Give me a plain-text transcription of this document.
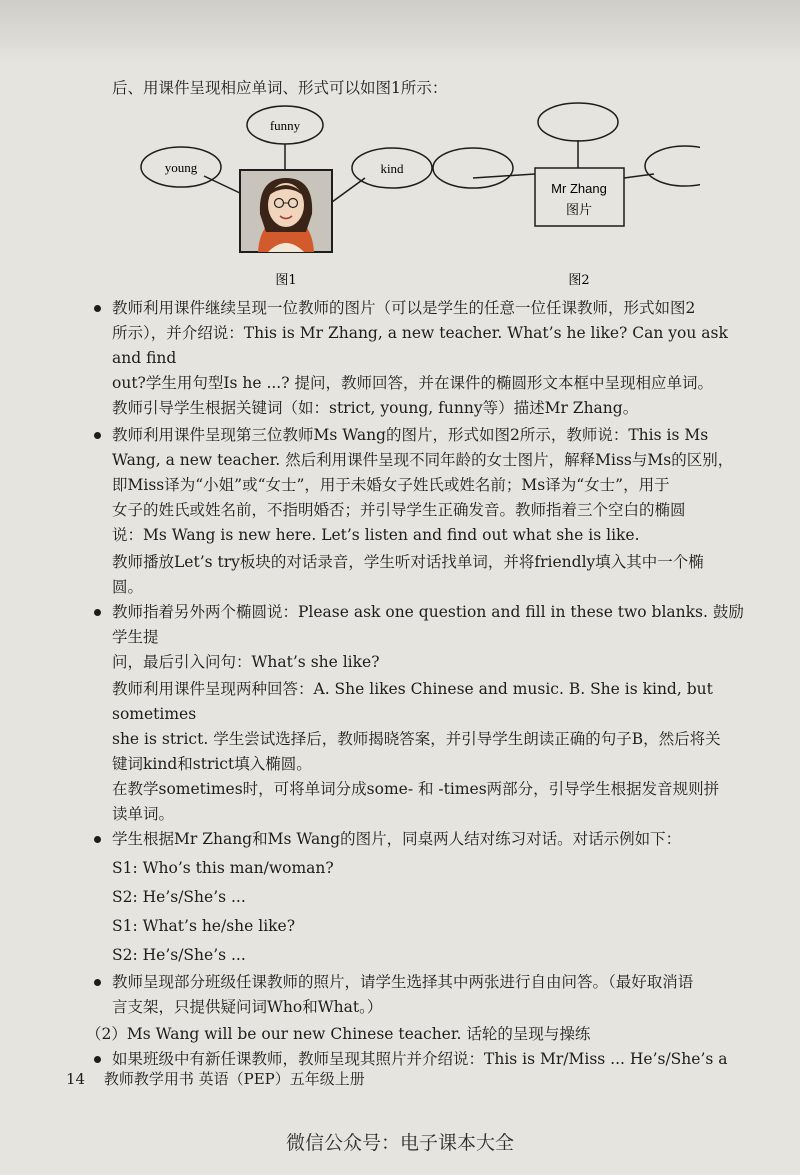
后、用课件呈现相应单词、形式可以如图1所示：
funny
young	kind
图1
Mr Zhang
图片
图2
教师利用课件继续呈现一位教师的图片（可以是学生的任意一位任课教师，形式如图2
所示），并介绍说：This is Mr Zhang, a new teacher. What’s he like? Can you ask and find
out?学生用句型Is he ...? 提问，教师回答，并在课件的椭圆形文本框中呈现相应单词。
教师引导学生根据关键词（如：strict, young, funny等）描述Mr Zhang。
教师利用课件呈现第三位教师Ms Wang的图片，形式如图2所示，教师说：This is Ms
Wang, a new teacher. 然后利用课件呈现不同年龄的女士图片，解释Miss与Ms的区别，
即Miss译为“小姐”或“女士”，用于未婚女子姓氏或姓名前；Ms译为“女士”，用于
女子的姓氏或姓名前，不指明婚否；并引导学生正确发音。教师指着三个空白的椭圆
说：Ms Wang is new here. Let’s listen and find out what she is like.
教师播放Let’s try板块的对话录音，学生听对话找单词，并将friendly填入其中一个椭
圆。
教师指着另外两个椭圆说：Please ask one question and fill in these two blanks. 鼓励学生提
问，最后引入问句：What’s she like?
教师利用课件呈现两种回答：A. She likes Chinese and music. B. She is kind, but sometimes
she is strict. 学生尝试选择后，教师揭晓答案，并引导学生朗读正确的句子B，然后将关
键词kind和strict填入椭圆。
在教学sometimes时，可将单词分成some- 和 -times两部分，引导学生根据发音规则拼
读单词。
学生根据Mr Zhang和Ms Wang的图片，同桌两人结对练习对话。对话示例如下：
S1: Who’s this man/woman?
S2: He’s/She’s ...
S1: What’s he/she like?
S2: He’s/She’s ...
教师呈现部分班级任课教师的照片，请学生选择其中两张进行自由问答。（最好取消语
言支架，只提供疑问词Who和What。）
（2）Ms Wang will be our new Chinese teacher. 话轮的呈现与操练
如果班级中有新任课教师，教师呈现其照片并介绍说：This is Mr/Miss ... He’s/She’s a
14 教师教学用书 英语（PEP）五年级上册
微信公众号：电子课本大全
